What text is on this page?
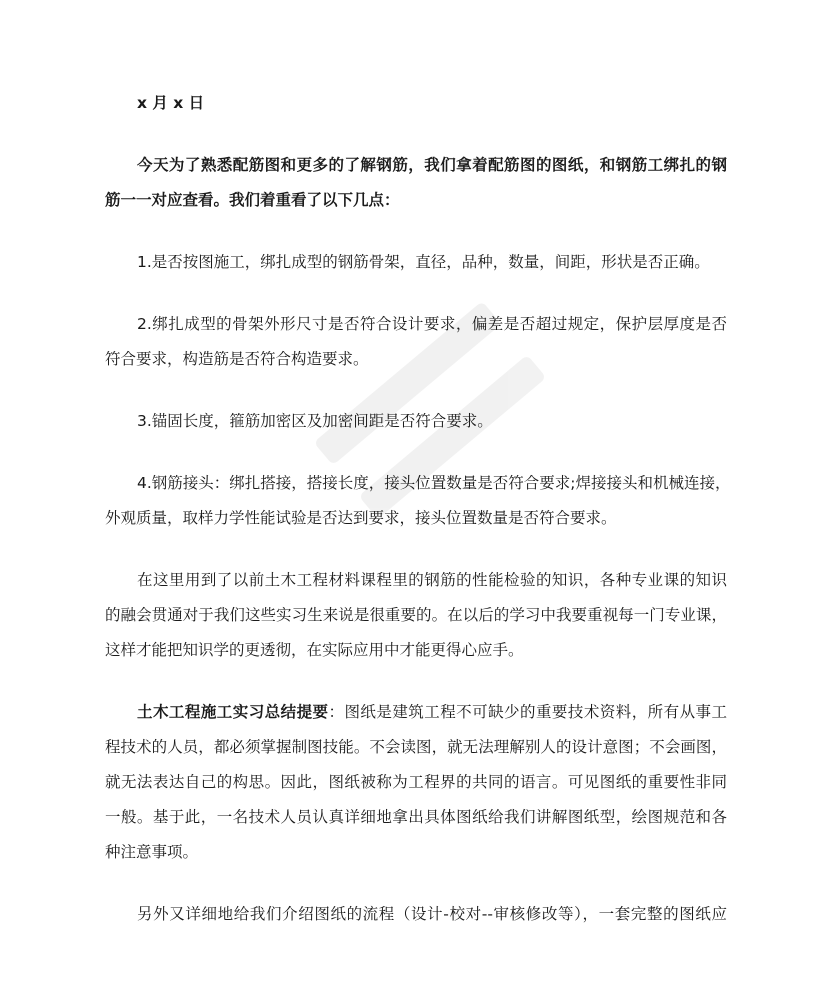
x 月 x 日

今天为了熟悉配筋图和更多的了解钢筋，我们拿着配筋图的图纸，和钢筋工绑扎的钢
筋一一对应查看。我们着重看了以下几点：

1.是否按图施工，绑扎成型的钢筋骨架，直径，品种，数量，间距，形状是否正确。

2.绑扎成型的骨架外形尺寸是否符合设计要求，偏差是否超过规定，保护层厚度是否
符合要求，构造筋是否符合构造要求。

3.锚固长度，箍筋加密区及加密间距是否符合要求。

4.钢筋接头：绑扎搭接，搭接长度，接头位置数量是否符合要求;焊接接头和机械连接，
外观质量，取样力学性能试验是否达到要求，接头位置数量是否符合要求。

在这里用到了以前土木工程材料课程里的钢筋的性能检验的知识，各种专业课的知识
的融会贯通对于我们这些实习生来说是很重要的。在以后的学习中我要重视每一门专业课，
这样才能把知识学的更透彻，在实际应用中才能更得心应手。

土木工程施工实习总结提要：图纸是建筑工程不可缺少的重要技术资料，所有从事工
程技术的人员，都必须掌握制图技能。不会读图，就无法理解别人的设计意图；不会画图，
就无法表达自己的构思。因此，图纸被称为工程界的共同的语言。可见图纸的重要性非同
一般。基于此，一名技术人员认真详细地拿出具体图纸给我们讲解图纸型，绘图规范和各
种注意事项。

另外又详细地给我们介绍图纸的流程（设计-校对--审核修改等），一套完整的图纸应
